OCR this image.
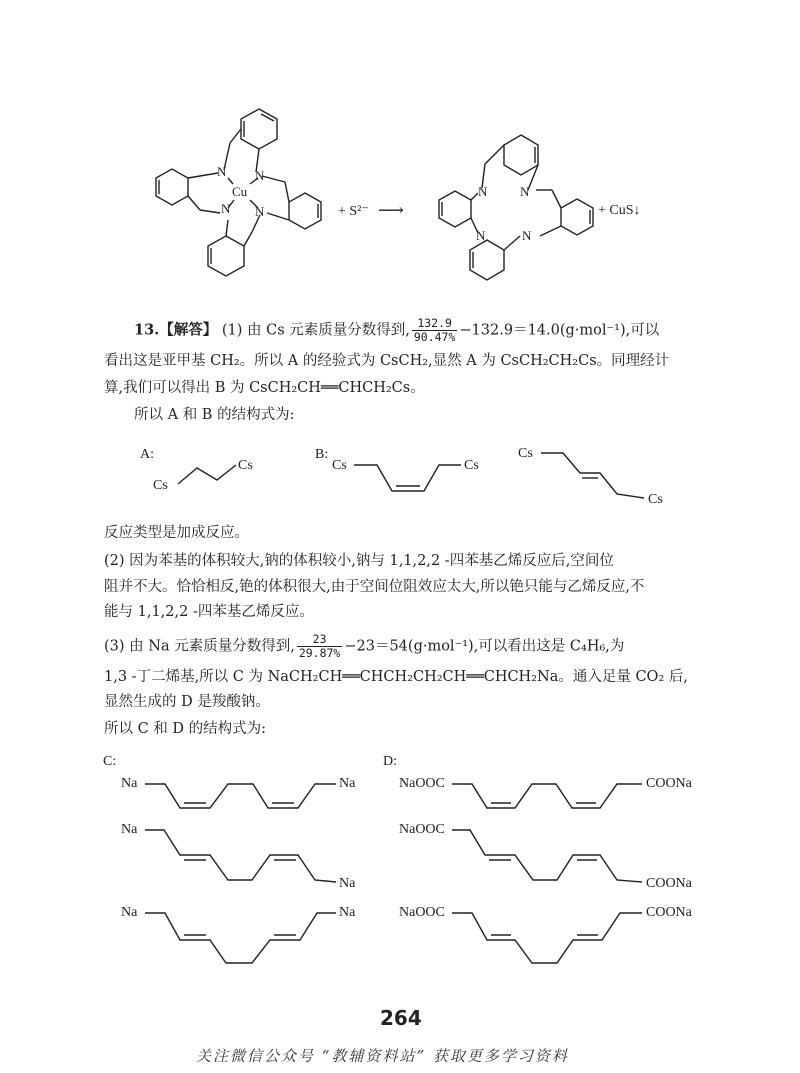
N N
N N
Cu	N	N
N	N
+ S²⁻ ⟶	+ CuS↓
13.【解答】 (1) 由 Cs 元素质量分数得到, $\frac{132.9}{90.47\%} -132.9=14.0(g\cdot mol^{-1})$,可以
看出这是亚甲基 CH₂。所以 A 的经验式为 CsCH₂,显然 A 为 CsCH₂CH₂Cs。同理经计
算,我们可以得出 B 为 CsCH₂CH══CHCH₂Cs。
所以 A 和 B 的结构式为:
A:
Cs
Cs
B:
Cs	Cs
Cs
Cs
反应类型是加成反应。
(2) 因为苯基的体积较大,钠的体积较小,钠与 1,1,2,2 -四苯基乙烯反应后,空间位
阻并不大。恰恰相反,铯的体积很大,由于空间位阻效应太大,所以铯只能与乙烯反应,不
能与 1,1,2,2 -四苯基乙烯反应。
(3) 由 Na 元素质量分数得到, $\frac{23}{29.87\%} -23=54(g\cdot mol^{-1})$,可以看出这是 C₄H₆,为
1,3 -丁二烯基,所以 C 为 NaCH₂CH══CHCH₂CH₂CH══CHCH₂Na。通入足量 CO₂ 后,
显然生成的 D 是羧酸钠。
所以 C 和 D 的结构式为:
C:
Na	Na
Na
Na
Na	Na
D:
NaOOC	COONa
NaOOC
COONa
NaOOC	COONa
264
关注微信公众号 “教辅资料站” 获取更多学习资料
